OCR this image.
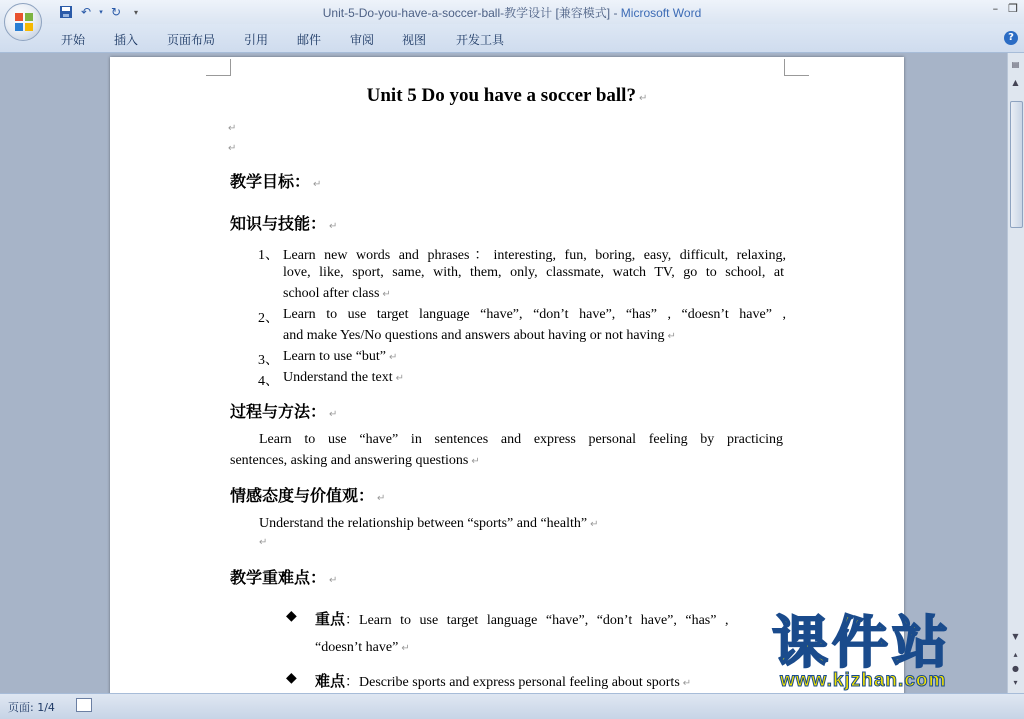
↶	▾ ↻	▾	Unit-5-Do-you-have-a-soccer-ball-教学设计 [兼容模式] - Microsoft Word	– ❐
开始 插入 页面布局 引用 邮件 审阅 视图 开发工具	?
Unit 5 Do you have a soccer ball? ↵
↵
↵
教学目标： ↵
知识与技能： ↵
1、 Learn new words and phrases：interesting, fun, boring, easy, difficult, relaxing,
love, like, sport, same, with, them, only, classmate, watch TV, go to school, at
school after class ↵
2、 Learn to use target language “have”, “don’t have”, “has” , “doesn’t have” ,
and make Yes/No questions and answers about having or not having ↵
3、 Learn to use “but” ↵
4、 Understand the text ↵
过程与方法： ↵
Learn to use “have” in sentences and express personal feeling by practicing
sentences, asking and answering questions ↵
情感态度与价值观： ↵
Understand the relationship between “sports” and “health” ↵
↵
教学重难点： ↵
◆ 重点：Learn to use target language “have”, “don’t have”, “has” ,
“doesn’t have” ↵
◆ 难点：Describe sports and express personal feeling about sports ↵
▤
▲
▼
▴
●
▾
页面: 1/4
课件站
www.kjzhan.com
